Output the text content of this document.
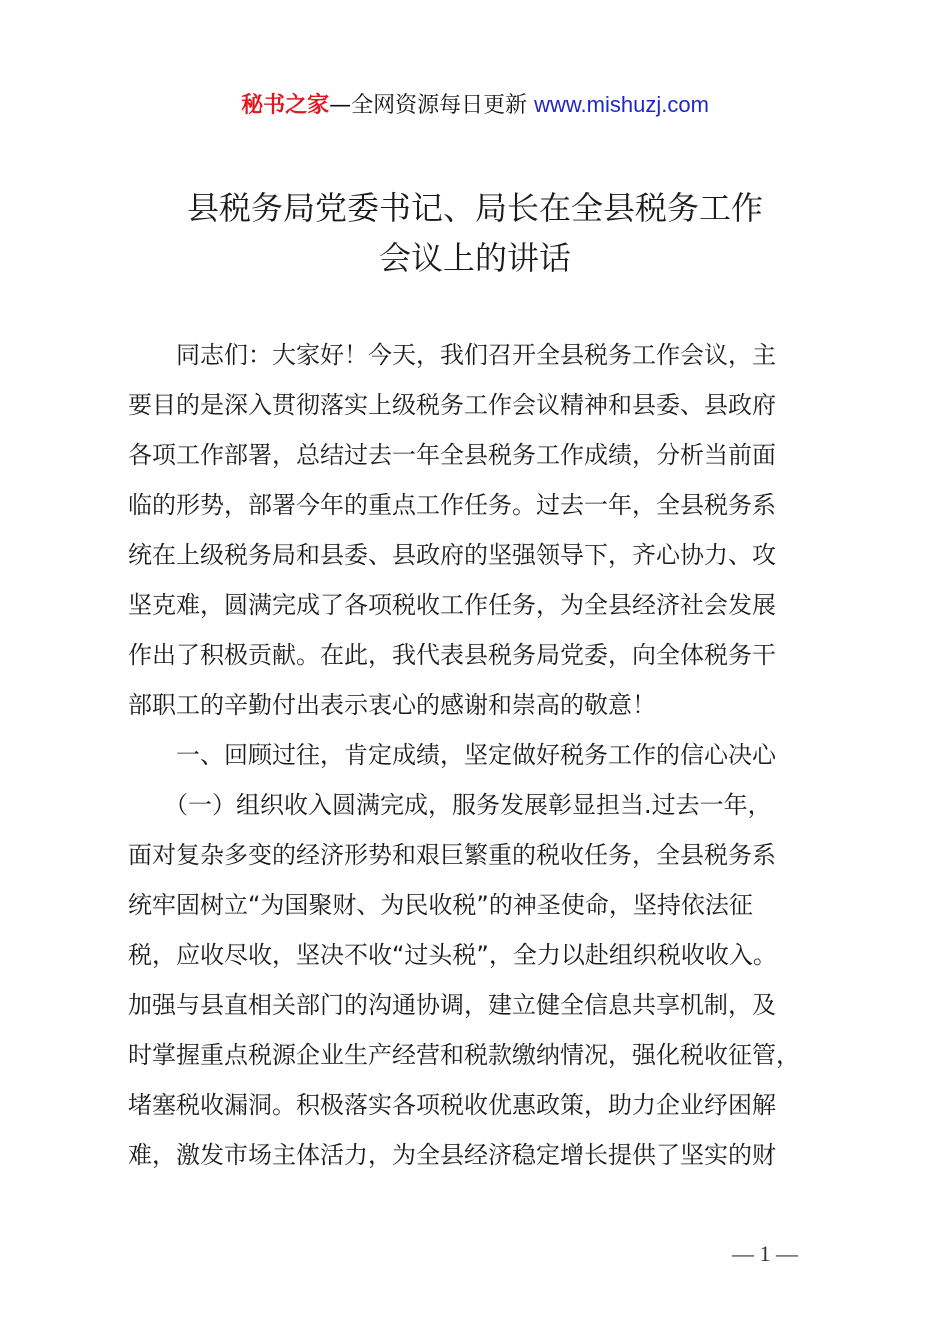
秘书之家—全网资源每日更新 www.mishuzj.com
县税务局党委书记、局长在全县税务工作
会议上的讲话
　　同志们：大家好！今天，我们召开全县税务工作会议，主
要目的是深入贯彻落实上级税务工作会议精神和县委、县政府
各项工作部署，总结过去一年全县税务工作成绩，分析当前面
临的形势，部署今年的重点工作任务。过去一年，全县税务系
统在上级税务局和县委、县政府的坚强领导下，齐心协力、攻
坚克难，圆满完成了各项税收工作任务，为全县经济社会发展
作出了积极贡献。在此，我代表县税务局党委，向全体税务干
部职工的辛勤付出表示衷心的感谢和崇高的敬意！
　　一、回顾过往，肯定成绩，坚定做好税务工作的信心决心
　　（一）组织收入圆满完成，服务发展彰显担当.过去一年，
面对复杂多变的经济形势和艰巨繁重的税收任务，全县税务系
统牢固树立“为国聚财、为民收税”的神圣使命，坚持依法征
税，应收尽收，坚决不收“过头税”，全力以赴组织税收收入。
加强与县直相关部门的沟通协调，建立健全信息共享机制，及
时掌握重点税源企业生产经营和税款缴纳情况，强化税收征管，
堵塞税收漏洞。积极落实各项税收优惠政策，助力企业纾困解
难，激发市场主体活力，为全县经济稳定增长提供了坚实的财
— 1 —
